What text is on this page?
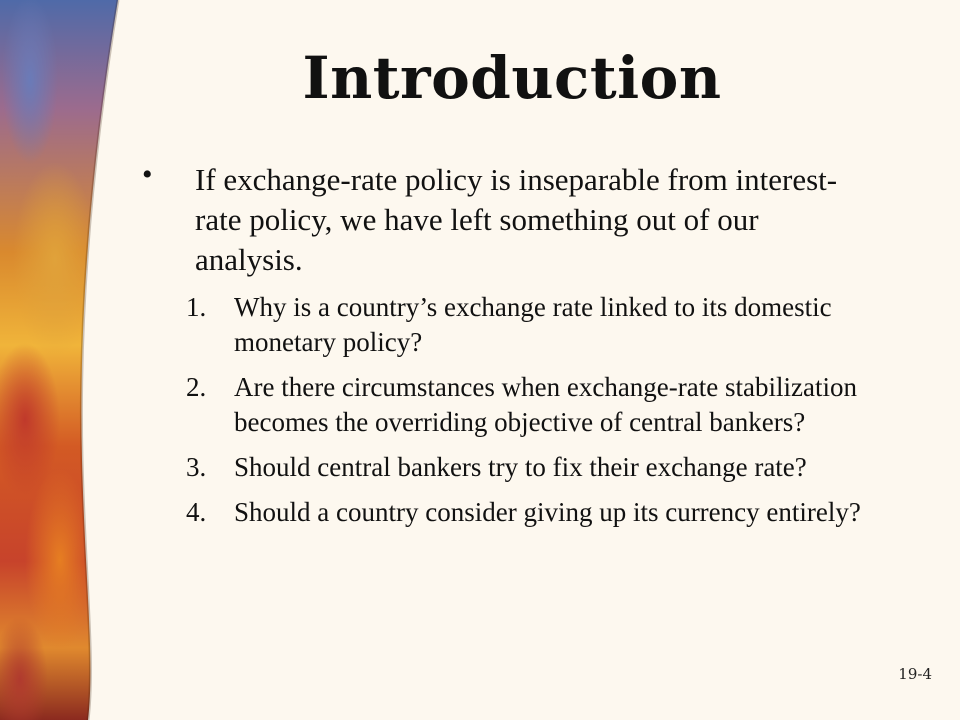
Introduction
• If exchange-rate policy is inseparable from interest-rate policy, we have left something out of our analysis.
1. Why is a country’s exchange rate linked to its domestic monetary policy?
2. Are there circumstances when exchange-rate stabilization becomes the overriding objective of central bankers?
3. Should central bankers try to fix their exchange rate?
4. Should a country consider giving up its currency entirely?
19-4
